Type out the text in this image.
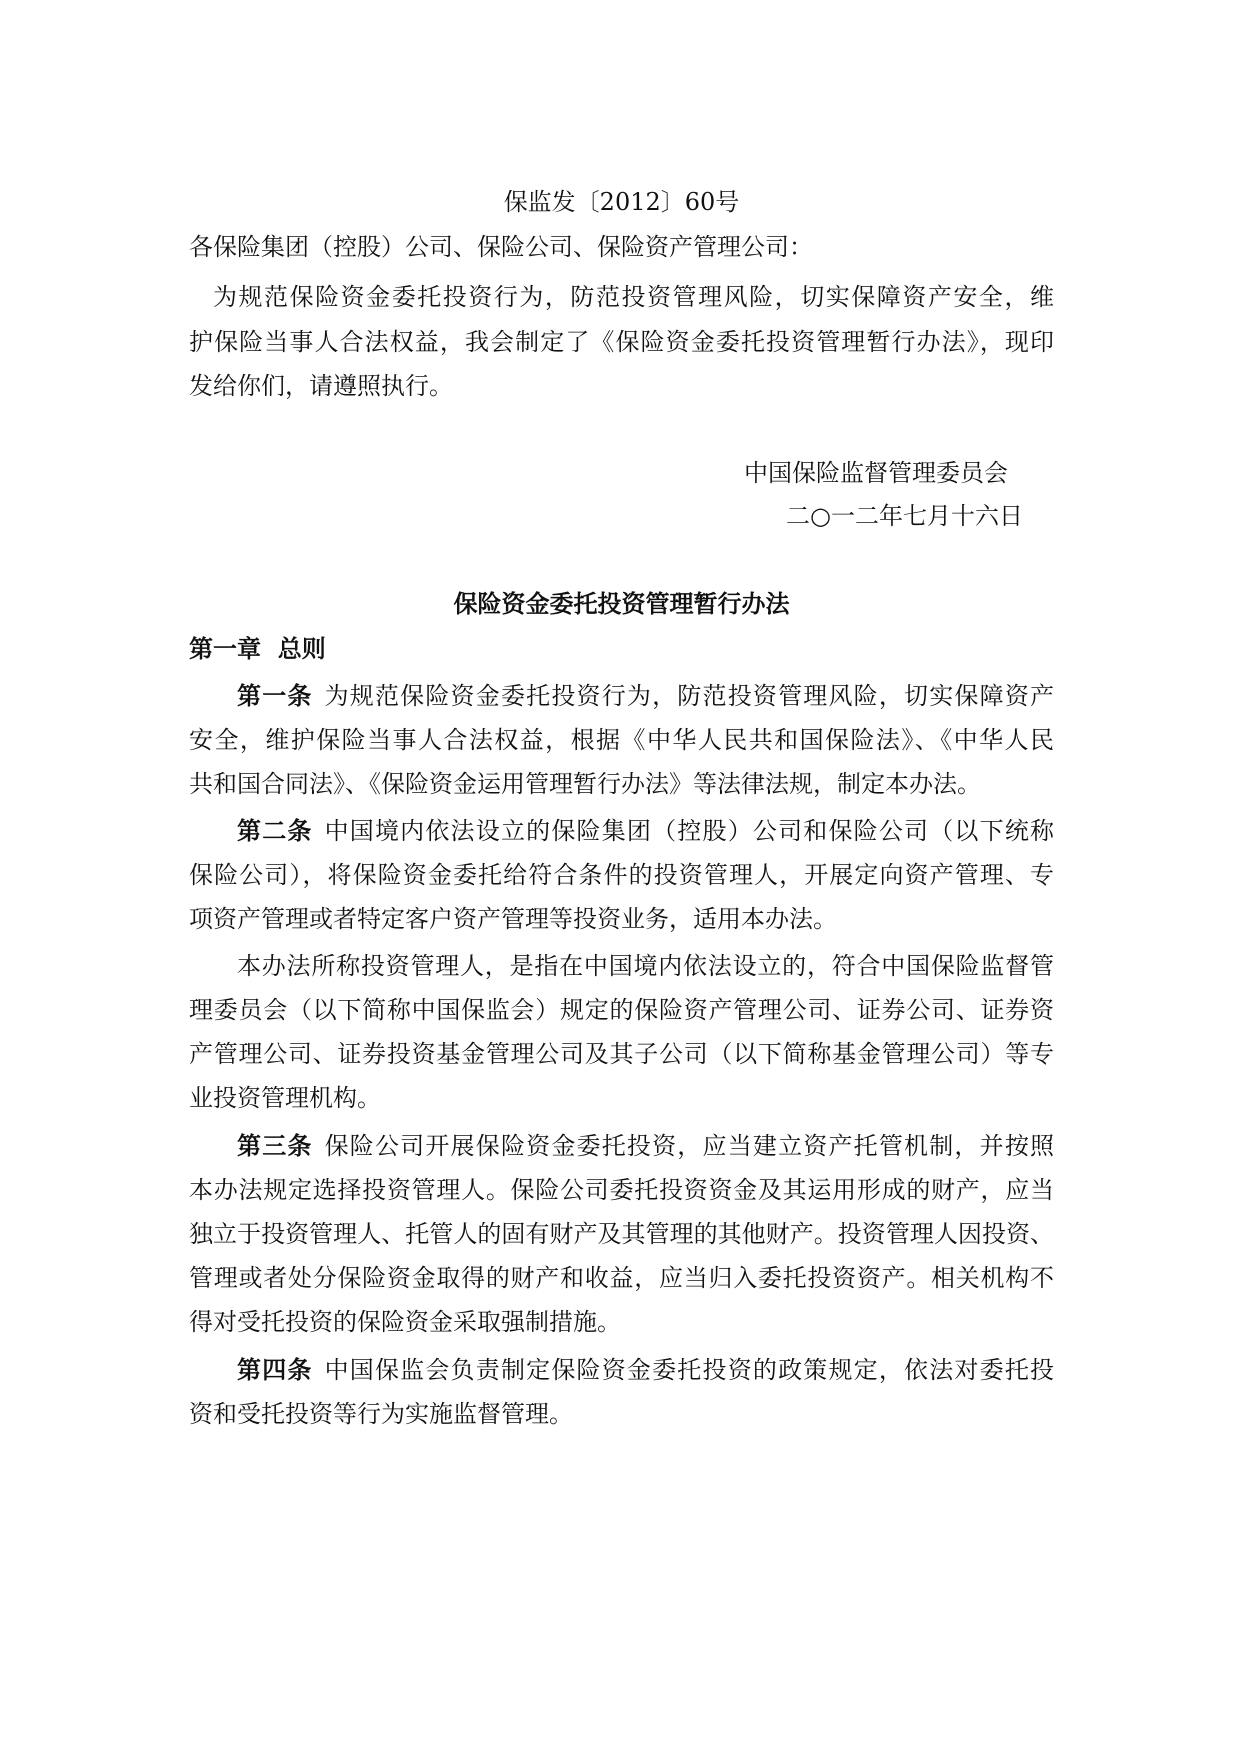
保监发〔2012〕60号
各保险集团（控股）公司、保险公司、保险资产管理公司：
为规范保险资金委托投资行为，防范投资管理风险，切实保障资产安全，维
护保险当事人合法权益，我会制定了《保险资金委托投资管理暂行办法》，现印
发给你们，请遵照执行。
中国保险监督管理委员会
二○一二年七月十六日
保险资金委托投资管理暂行办法
第一章  总则
第一条 为规范保险资金委托投资行为，防范投资管理风险，切实保障资产
安全，维护保险当事人合法权益，根据《中华人民共和国保险法》、《中华人民
共和国合同法》、《保险资金运用管理暂行办法》等法律法规，制定本办法。
第二条 中国境内依法设立的保险集团（控股）公司和保险公司（以下统称
保险公司），将保险资金委托给符合条件的投资管理人，开展定向资产管理、专
项资产管理或者特定客户资产管理等投资业务，适用本办法。
本办法所称投资管理人，是指在中国境内依法设立的，符合中国保险监督管
理委员会（以下简称中国保监会）规定的保险资产管理公司、证券公司、证券资
产管理公司、证券投资基金管理公司及其子公司（以下简称基金管理公司）等专
业投资管理机构。
第三条 保险公司开展保险资金委托投资，应当建立资产托管机制，并按照
本办法规定选择投资管理人。保险公司委托投资资金及其运用形成的财产，应当
独立于投资管理人、托管人的固有财产及其管理的其他财产。投资管理人因投资、
管理或者处分保险资金取得的财产和收益，应当归入委托投资资产。相关机构不
得对受托投资的保险资金采取强制措施。
第四条 中国保监会负责制定保险资金委托投资的政策规定，依法对委托投
资和受托投资等行为实施监督管理。
